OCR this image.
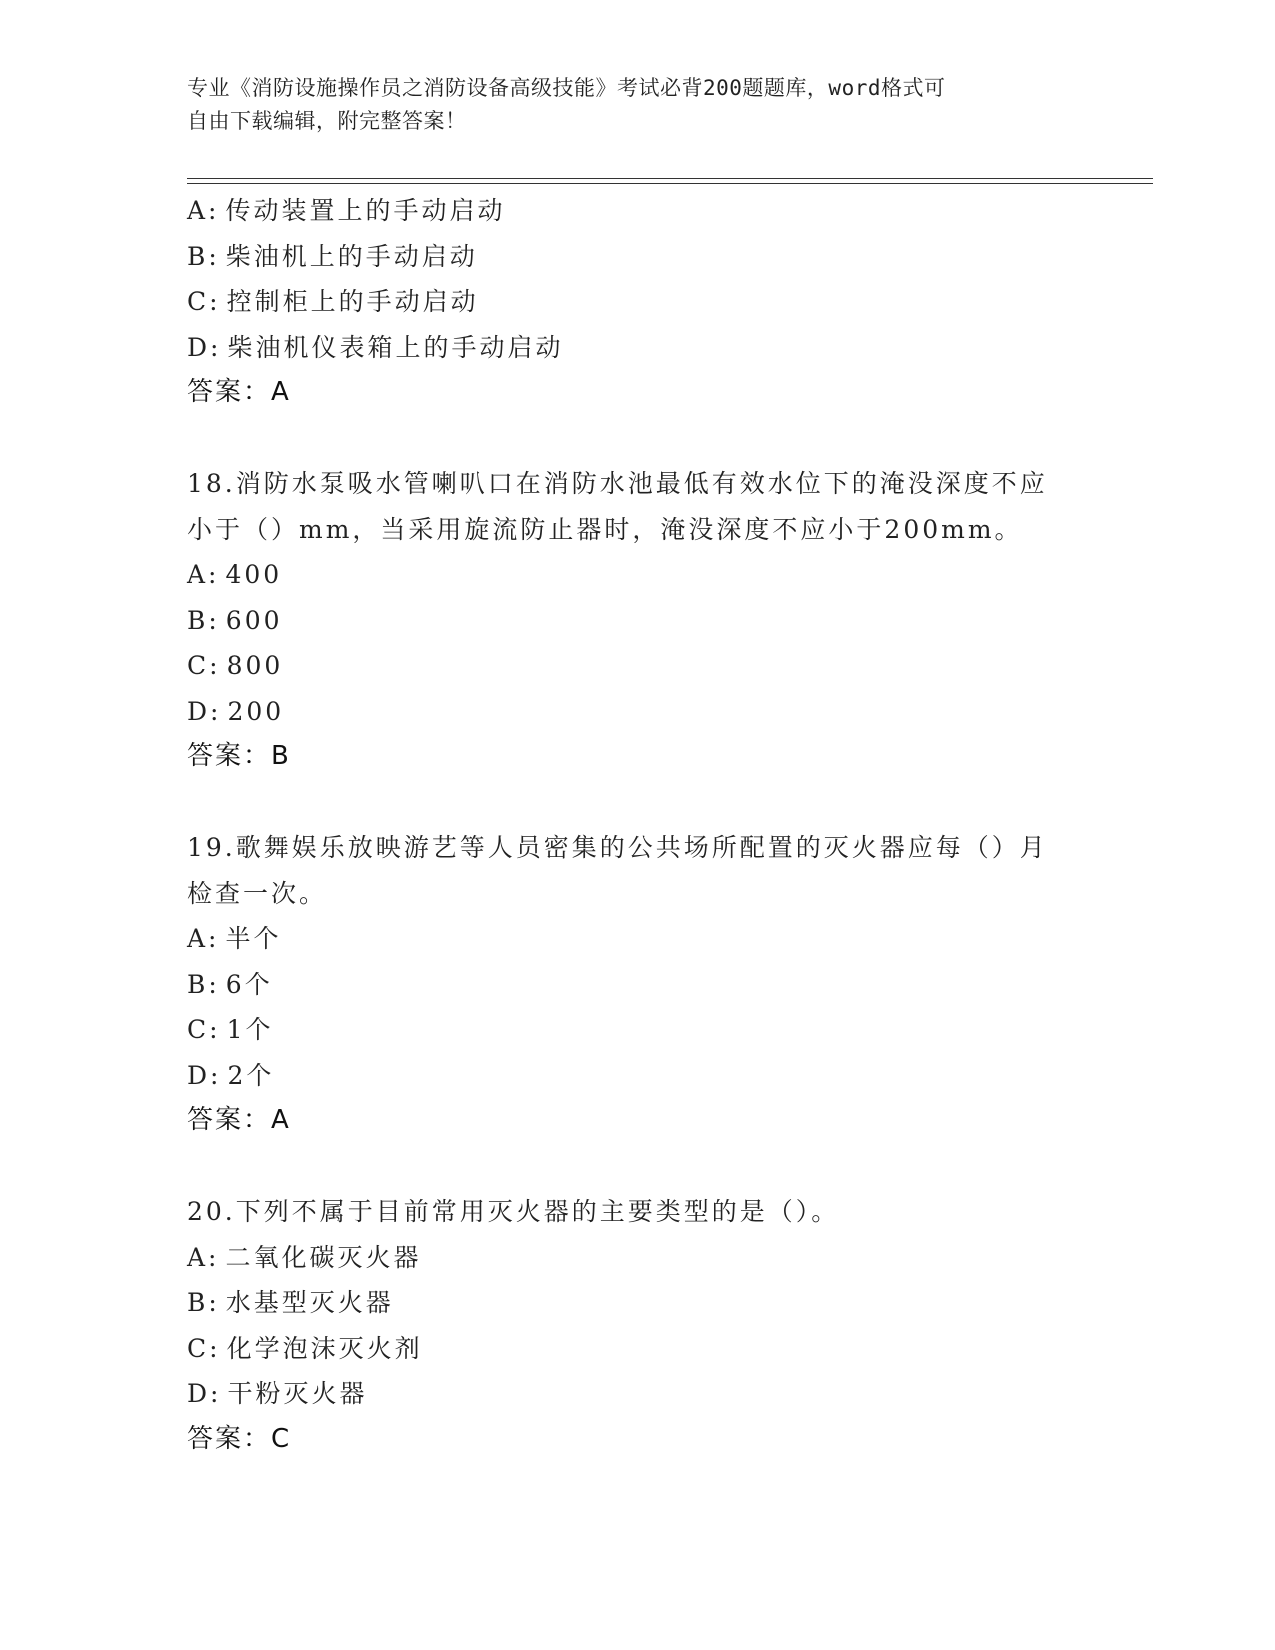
专业《消防设施操作员之消防设备高级技能》考试必背200题题库，word格式可
自由下载编辑，附完整答案！
A: 传动装置上的手动启动
B: 柴油机上的手动启动
C: 控制柜上的手动启动
D: 柴油机仪表箱上的手动启动
答案：A
18.消防水泵吸水管喇叭口在消防水池最低有效水位下的淹没深度不应
小于（）mm，当采用旋流防止器时，淹没深度不应小于200mm。
A: 400
B: 600
C: 800
D: 200
答案：B
19.歌舞娱乐放映游艺等人员密集的公共场所配置的灭火器应每（）月
检查一次。
A: 半个
B: 6个
C: 1个
D: 2个
答案：A
20.下列不属于目前常用灭火器的主要类型的是（）。
A: 二氧化碳灭火器
B: 水基型灭火器
C: 化学泡沫灭火剂
D: 干粉灭火器
答案：C
